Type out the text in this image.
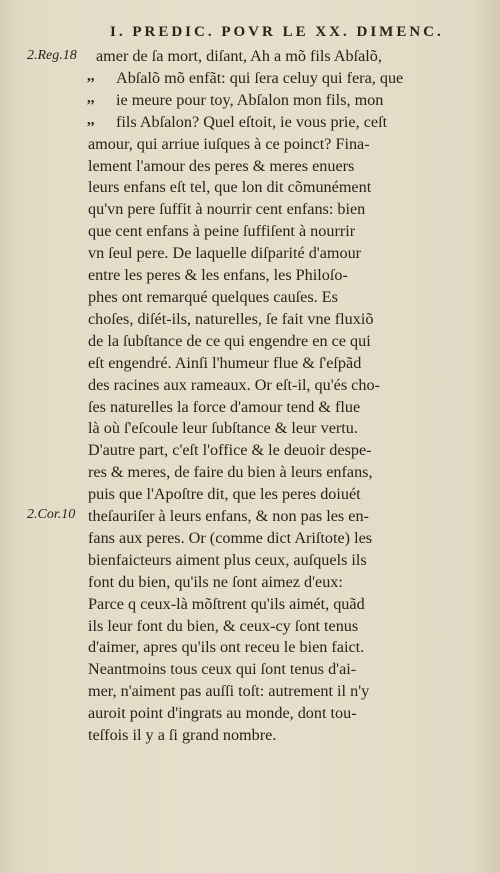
I. PREDIC. POVR LE XX. DIMENC.
amer de ſa mort, diſant, Ah a mõ fils Abſalõ,
Abſalõ mõ enfãt: qui ſera celuy qui fera, que
ie meure pour toy, Abſalon mon fils, mon
fils Abſalon? Quel eſtoit, ie vous prie, ceſt
amour, qui arriue iuſques à ce poinct? Fina-
lement l'amour des peres & meres enuers
leurs enfans eſt tel, que lon dit cõmunément
qu'vn pere ſuffit à nourrir cent enfans: bien
que cent enfans à peine ſuffiſent à nourrir
vn ſeul pere. De laquelle diſparité d'amour
entre les peres & les enfans, les Philoſo-
phes ont remarqué quelques cauſes. Es
choſes, diſét-ils, naturelles, ſe fait vne fluxiõ
de la ſubſtance de ce qui engendre en ce qui
eſt engendré. Ainſi l'humeur flue & ſ'eſpãd
des racines aux rameaux. Or eſt-il, qu'és cho-
ſes naturelles la force d'amour tend & flue
là où ſ'eſcoule leur ſubſtance & leur vertu.
D'autre part, c'eſt l'office & le deuoir despe-
res & meres, de faire du bien à leurs enfans,
puis que l'Apoſtre dit, que les peres doiuét
theſauriſer à leurs enfans, & non pas les en-
fans aux peres. Or (comme dict Ariſtote) les
bienfaicteurs aiment plus ceux, auſquels ils
font du bien, qu'ils ne ſont aimez d'eux:
Parce q ceux-là mõſtrent qu'ils aimét, quãd
ils leur font du bien, & ceux-cy ſont tenus
d'aimer, apres qu'ils ont receu le bien faict.
Neantmoins tous ceux qui ſont tenus d'ai-
mer, n'aiment pas auſſi toſt: autrement il n'y
auroit point d'ingrats au monde, dont tou-
teſfois il y a ſi grand nombre.
2.Reg.18
2.Cor.10
,,
,,
,,
